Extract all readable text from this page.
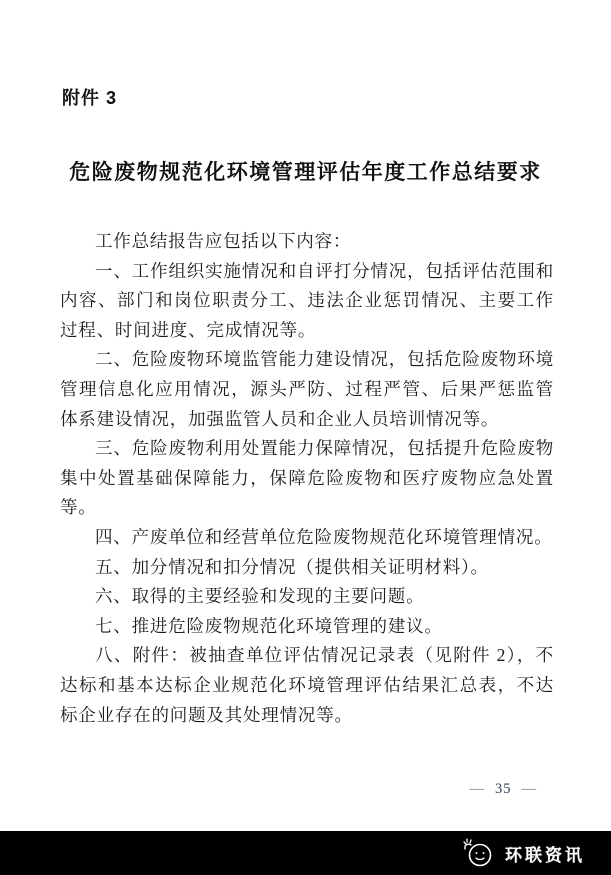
附件 3
危险废物规范化环境管理评估年度工作总结要求

工作总结报告应包括以下内容：

一、工作组织实施情况和自评打分情况，包括评估范围和内容、部门和岗位职责分工、违法企业惩罚情况、主要工作过程、时间进度、完成情况等。

二、危险废物环境监管能力建设情况，包括危险废物环境管理信息化应用情况，源头严防、过程严管、后果严惩监管体系建设情况，加强监管人员和企业人员培训情况等。

三、危险废物利用处置能力保障情况，包括提升危险废物集中处置基础保障能力，保障危险废物和医疗废物应急处置等。

四、产废单位和经营单位危险废物规范化环境管理情况。

五、加分情况和扣分情况（提供相关证明材料）。

六、取得的主要经验和发现的主要问题。

七、推进危险废物规范化环境管理的建议。

八、附件：被抽查单位评估情况记录表（见附件 2），不达标和基本达标企业规范化环境管理评估结果汇总表，不达标企业存在的问题及其处理情况等。

— 35 —
环联资讯
